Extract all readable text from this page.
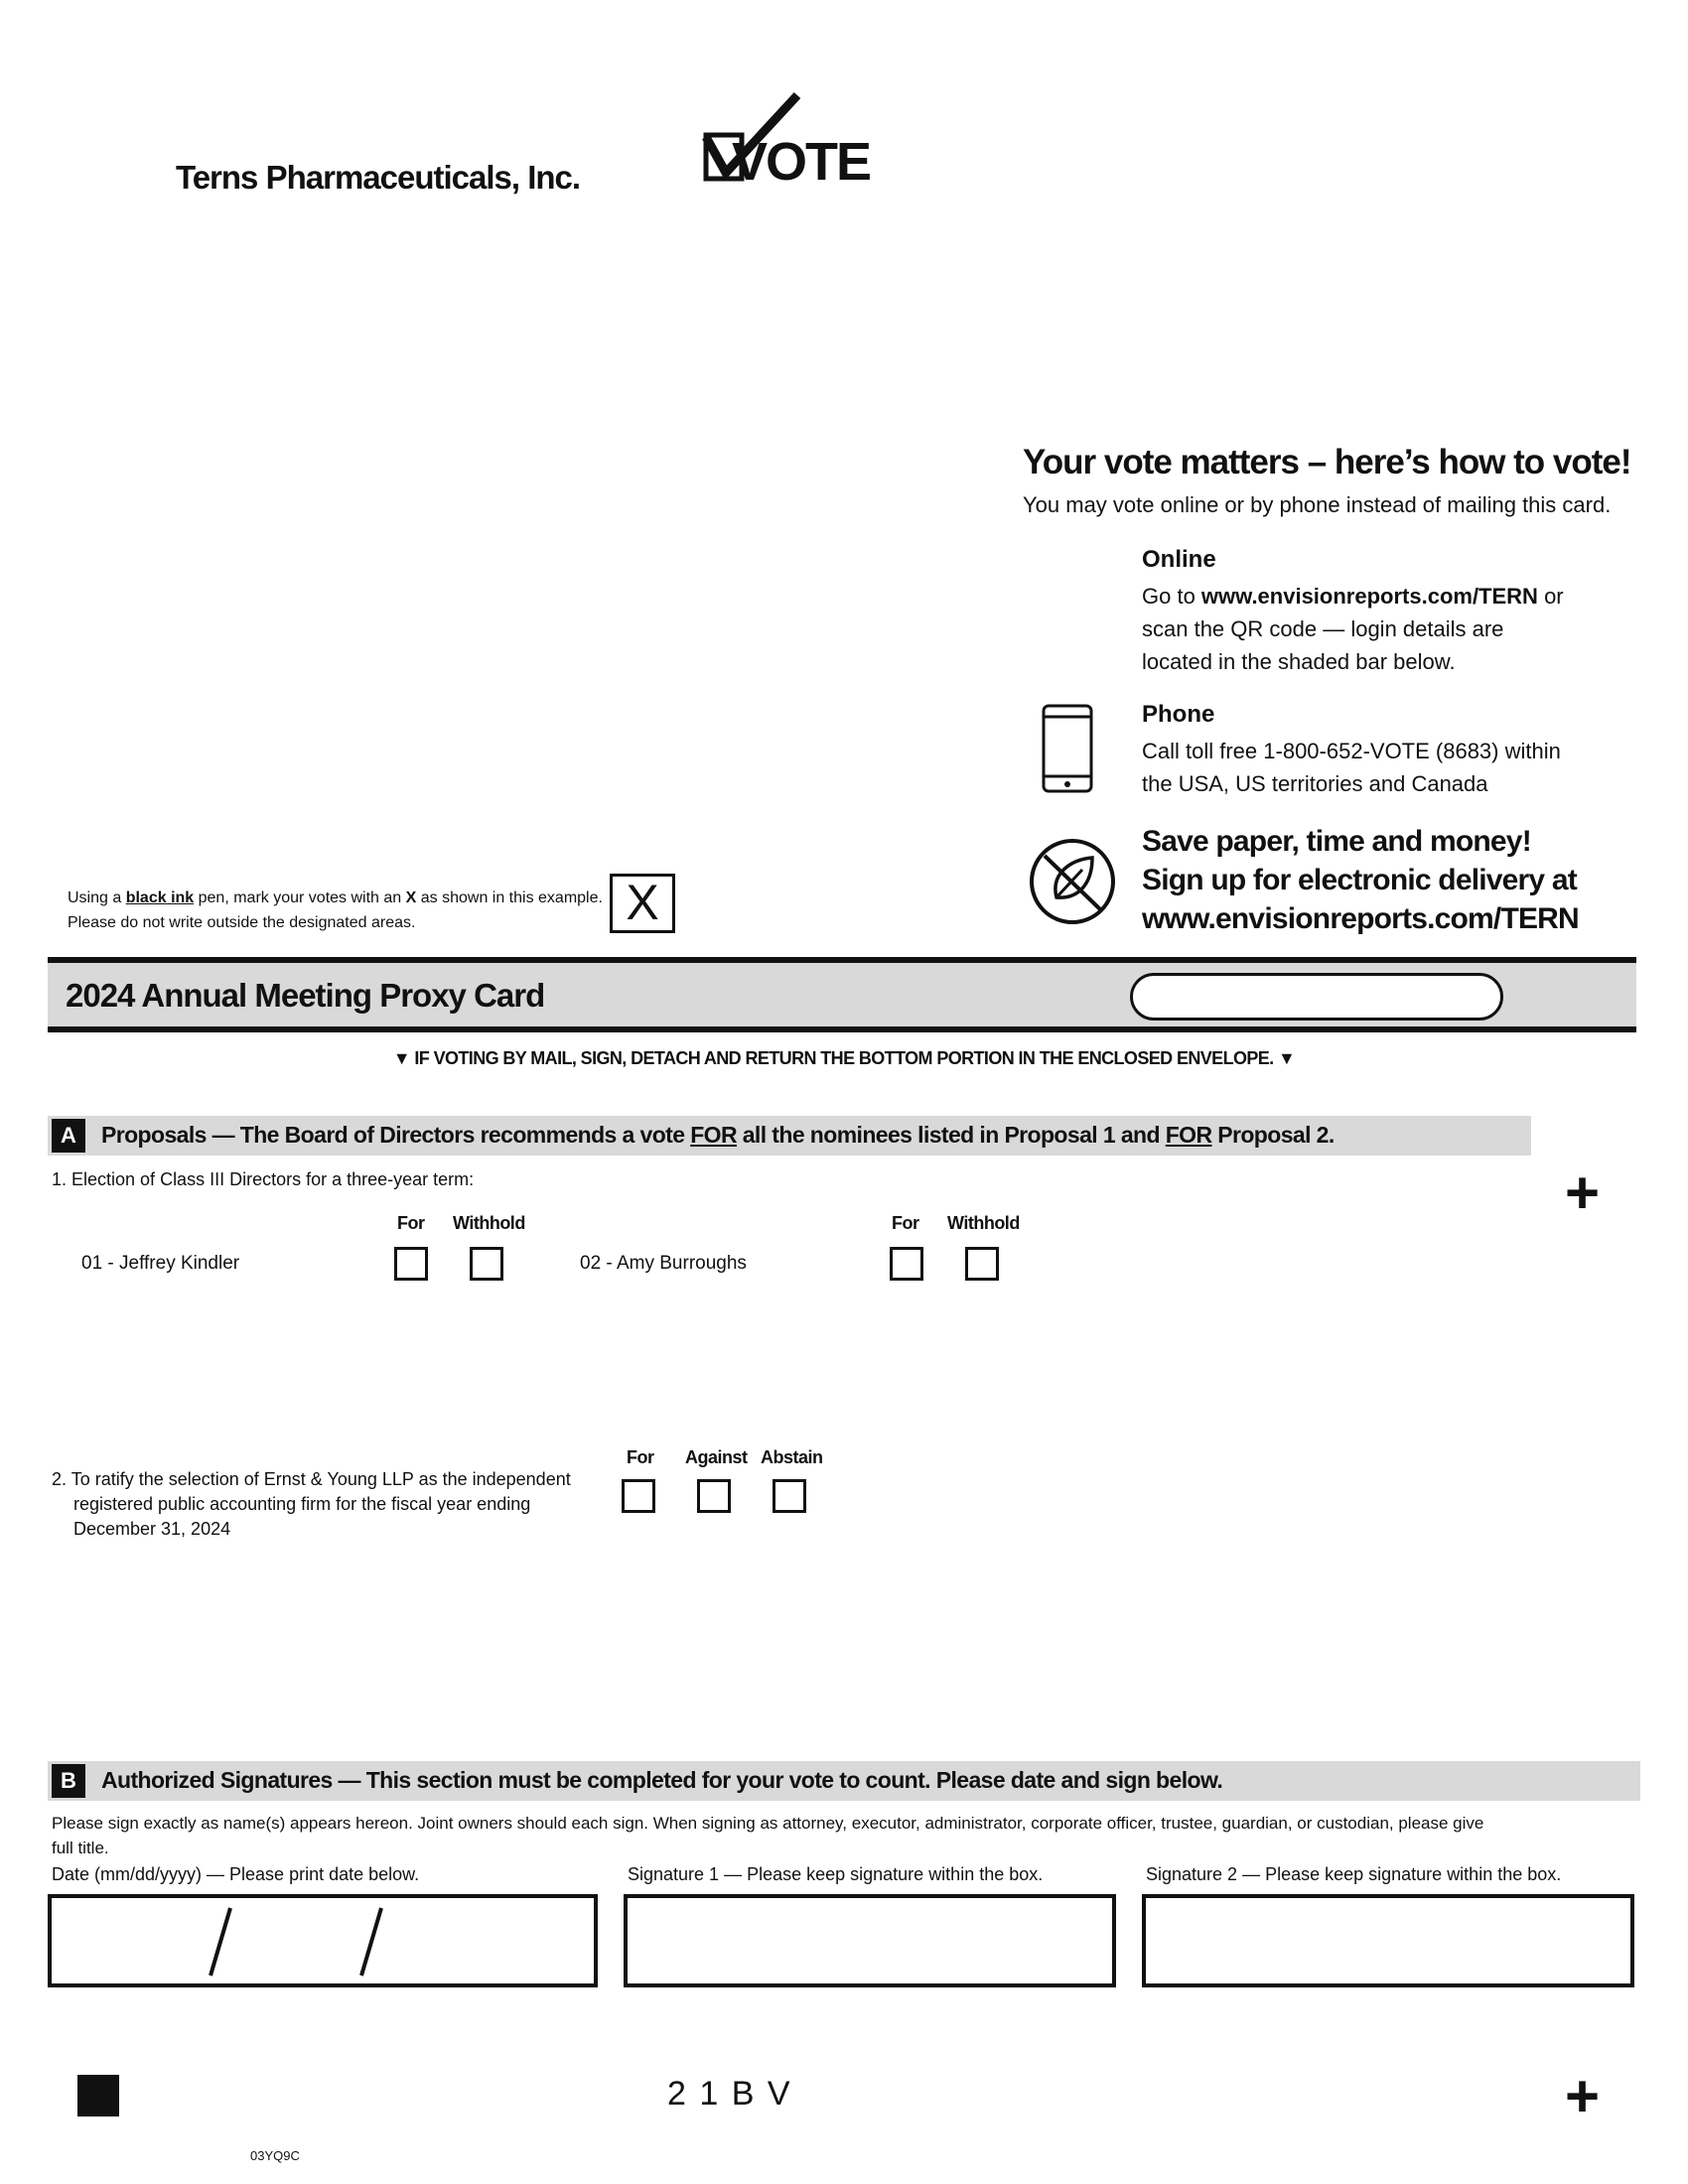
Terns Pharmaceuticals, Inc.	VOTE
Your vote matters – here’s how to vote!
You may vote online or by phone instead of mailing this card.
Online
Go to www.envisionreports.com/TERN or
scan the QR code — login details are
located in the shaded bar below.
Phone
Call toll free 1-800-652-VOTE (8683) within
the USA, US territories and Canada
Save paper, time and money!
Sign up for electronic delivery at
www.envisionreports.com/TERN
Using a black ink pen, mark your votes with an X as shown in this example.
Please do not write outside the designated areas.	X
2024 Annual Meeting Proxy Card
▼ IF VOTING BY MAIL, SIGN, DETACH AND RETURN THE BOTTOM PORTION IN THE ENCLOSED ENVELOPE. ▼
A	Proposals — The Board of Directors recommends a vote FOR all the nominees listed in Proposal 1 and FOR Proposal 2.
+
1. Election of Class III Directors for a three-year term:
For Withhold	For Withhold
01 - Jeffrey Kindler	02 - Amy Burroughs
2. To ratify the selection of Ernst & Young LLP as the independent
registered public accounting firm for the fiscal year ending
December 31, 2024
For Against Abstain
B	Authorized Signatures — This section must be completed for your vote to count. Please date and sign below.
Please sign exactly as name(s) appears hereon. Joint owners should each sign. When signing as attorney, executor, administrator, corporate officer, trustee, guardian, or custodian, please give
full title.
Date (mm/dd/yyyy) — Please print date below.	Signature 1 — Please keep signature within the box.	Signature 2 — Please keep signature within the box.
2 1 B V	+
03YQ9C
